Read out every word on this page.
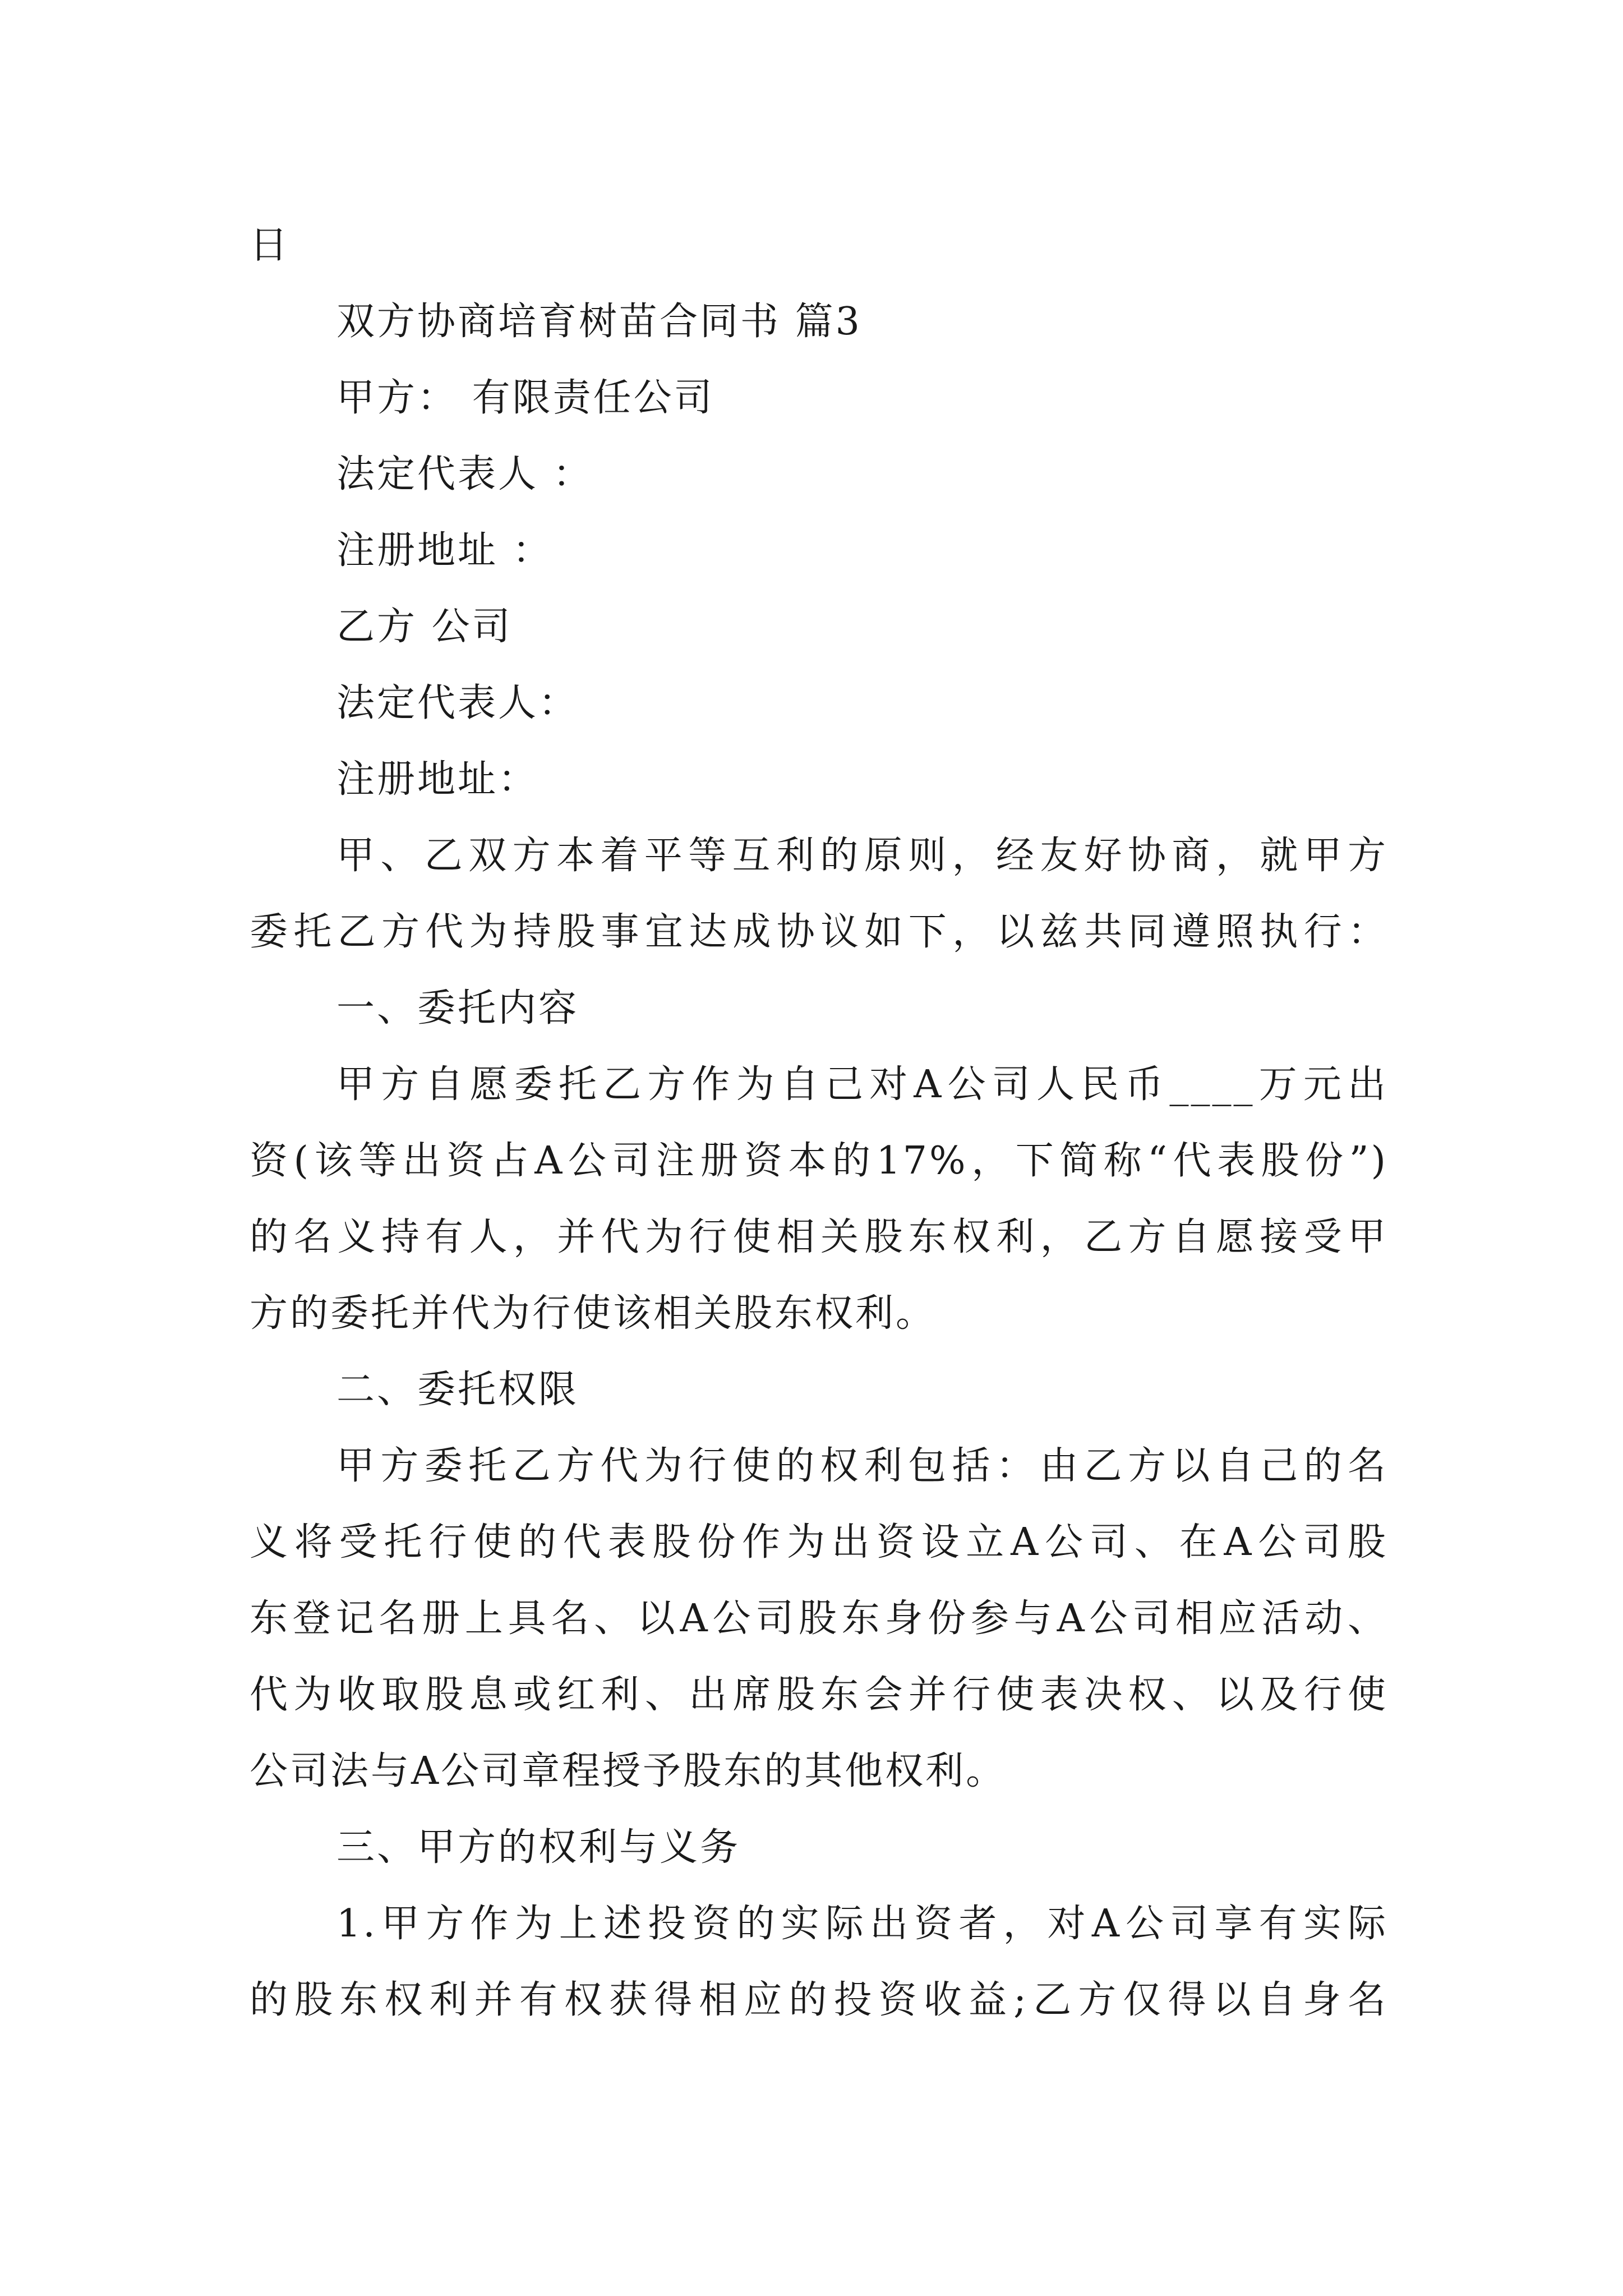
日
双方协商培育树苗合同书 篇3
甲方： 有限责任公司
法定代表人 ：
注册地址 ：
乙方 公司
法定代表人：
注册地址：
甲、乙双方本着平等互利的原则，经友好协商，就甲方
委托乙方代为持股事宜达成协议如下，以兹共同遵照执行：
一、委托内容
甲方自愿委托乙方作为自己对A公司人民币____万元出
资(该等出资占A公司注册资本的17%，下简称“代表股份”)
的名义持有人，并代为行使相关股东权利，乙方自愿接受甲
方的委托并代为行使该相关股东权利。
二、委托权限
甲方委托乙方代为行使的权利包括：由乙方以自己的名
义将受托行使的代表股份作为出资设立A公司、在A公司股
东登记名册上具名、以A公司股东身份参与A公司相应活动、
代为收取股息或红利、出席股东会并行使表决权、以及行使
公司法与A公司章程授予股东的其他权利。
三、甲方的权利与义务
1.甲方作为上述投资的实际出资者，对A公司享有实际
的股东权利并有权获得相应的投资收益;乙方仅得以自身名
